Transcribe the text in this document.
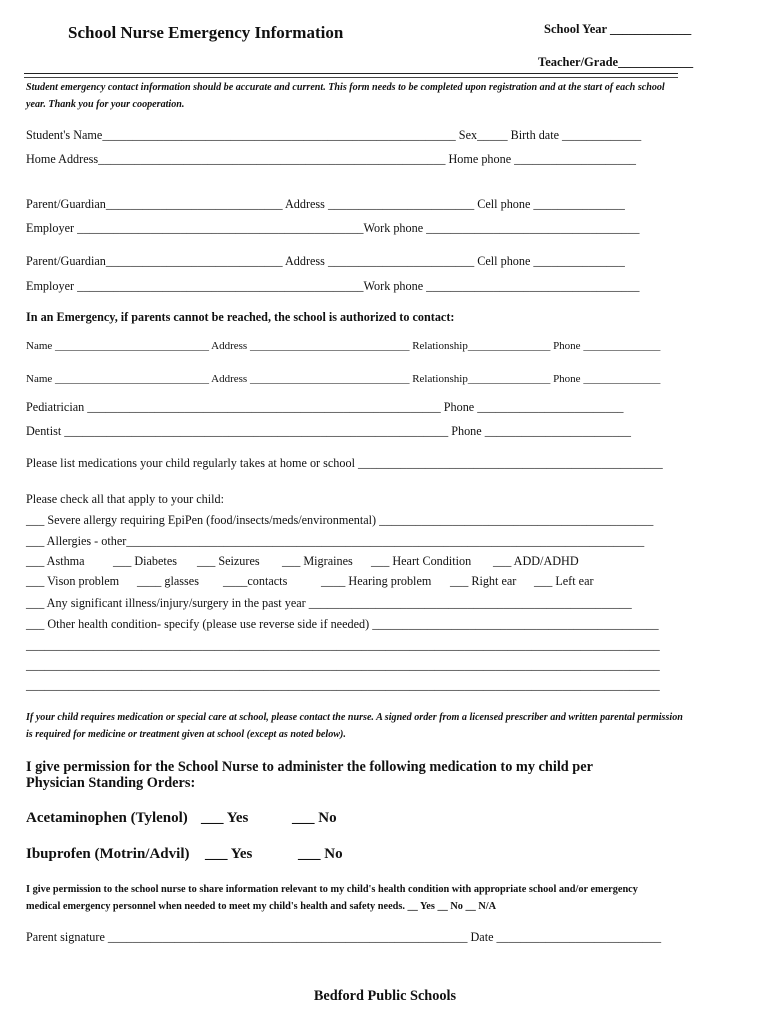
School Nurse Emergency Information	School Year _____________
Teacher/Grade____________
Student emergency contact information should be accurate and current. This form needs to be completed upon registration and at the start of each school year. Thank you for your cooperation.
Student's Name__________________________________________________________ Sex_____ Birth date _____________
Home Address_________________________________________________________ Home phone ____________________
Parent/Guardian_____________________________ Address ________________________ Cell phone _______________
Employer _______________________________________________Work phone ___________________________________
Parent/Guardian_____________________________ Address ________________________ Cell phone _______________
Employer _______________________________________________Work phone ___________________________________
In an Emergency, if parents cannot be reached, the school is authorized to contact:
Name ____________________________ Address _____________________________ Relationship_______________ Phone ______________
Name ____________________________ Address _____________________________ Relationship_______________ Phone ______________
Pediatrician __________________________________________________________ Phone ________________________
Dentist _______________________________________________________________ Phone ________________________
Please list medications your child regularly takes at home or school __________________________________________________
Please check all that apply to your child:
___ Severe allergy requiring EpiPen (food/insects/meds/environmental) _____________________________________________
___ Allergies - other_____________________________________________________________________________________
___ Asthma ___ Diabetes ___ Seizures ___ Migraines ___ Heart Condition ___ ADD/ADHD
___ Vison problem ____ glasses ____contacts	____ Hearing problem ___ Right ear ___ Left ear
___ Any significant illness/injury/surgery in the past year _____________________________________________________
___ Other health condition- specify (please use reverse side if needed) _______________________________________________
________________________________________________________________________________________________________
________________________________________________________________________________________________________
________________________________________________________________________________________________________
If your child requires medication or special care at school, please contact the nurse. A signed order from a licensed prescriber and written parental permission is required for medicine or treatment given at school (except as noted below).
I give permission for the School Nurse to administer the following medication to my child per Physician Standing Orders:
Acetaminophen (Tylenol) ___ Yes	___ No
Ibuprofen (Motrin/Advil) ___ Yes	___ No
I give permission to the school nurse to share information relevant to my child's health condition with appropriate school and/or emergency medical emergency personnel when needed to meet my child's health and safety needs. __ Yes __ No __ N/A
Parent signature ___________________________________________________________ Date ___________________________
Bedford Public Schools
